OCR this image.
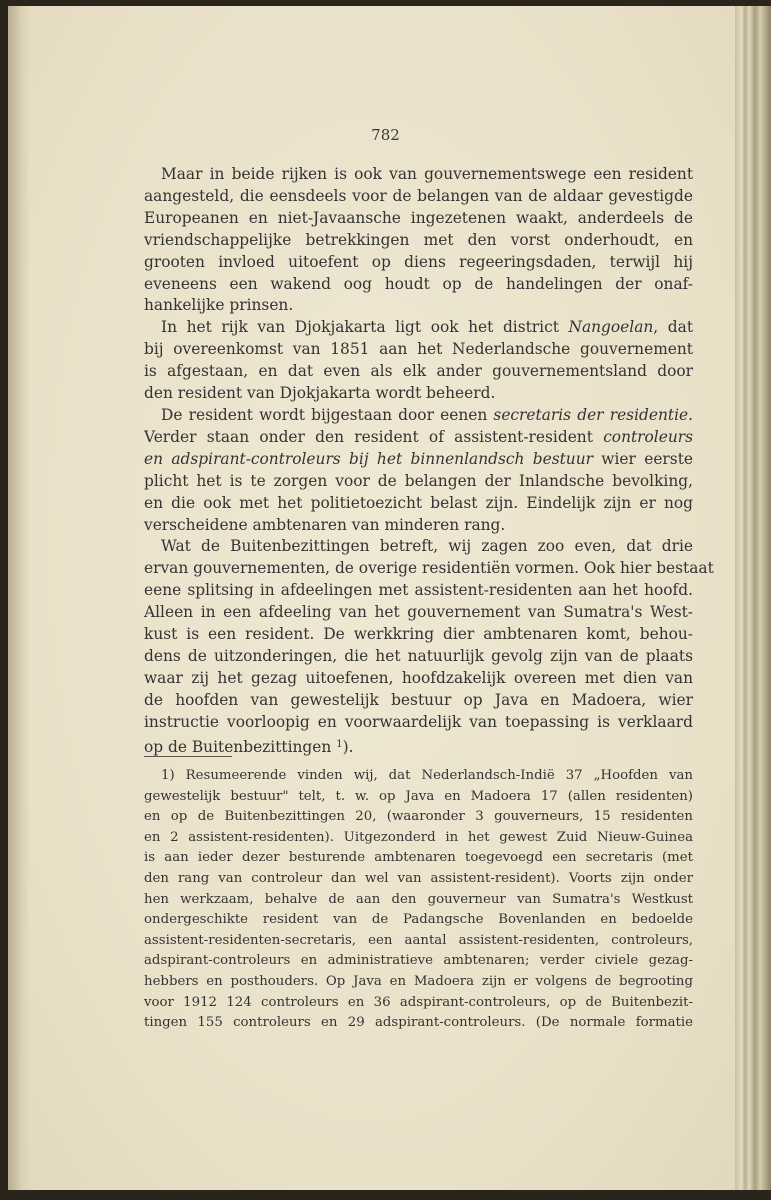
782
Maar in beide rijken is ook van gouvernementswege een resident
aangesteld, die eensdeels voor de belangen van de aldaar gevestigde
Europeanen en niet-Javaansche ingezetenen waakt, anderdeels de
vriendschappelijke betrekkingen met den vorst onderhoudt, en
grooten invloed uitoefent op diens regeeringsdaden, terwijl hij
eveneens een wakend oog houdt op de handelingen der onaf-
hankelijke prinsen.
In het rijk van Djokjakarta ligt ook het district Nangoelan, dat
bij overeenkomst van 1851 aan het Nederlandsche gouvernement
is afgestaan, en dat even als elk ander gouvernementsland door
den resident van Djokjakarta wordt beheerd.
De resident wordt bijgestaan door eenen secretaris der residentie.
Verder staan onder den resident of assistent-resident controleurs
en adspirant-controleurs bij het binnenlandsch bestuur wier eerste
plicht het is te zorgen voor de belangen der Inlandsche bevolking,
en die ook met het politietoezicht belast zijn. Eindelijk zijn er nog
verscheidene ambtenaren van minderen rang.
Wat de Buitenbezittingen betreft, wij zagen zoo even, dat drie
ervan gouvernementen, de overige residentiën vormen. Ook hier bestaat
eene splitsing in afdeelingen met assistent-residenten aan het hoofd.
Alleen in een afdeeling van het gouvernement van Sumatra's West-
kust is een resident. De werkkring dier ambtenaren komt, behou-
dens de uitzonderingen, die het natuurlijk gevolg zijn van de plaats
waar zij het gezag uitoefenen, hoofdzakelijk overeen met dien van
de hoofden van gewestelijk bestuur op Java en Madoera, wier
instructie voorloopig en voorwaardelijk van toepassing is verklaard
op de Buitenbezittingen $^1$).
1) Resumeerende vinden wij, dat Nederlandsch-Indië 37 „Hoofden van
gewestelijk bestuur" telt, t. w. op Java en Madoera 17 (allen residenten)
en op de Buitenbezittingen 20, (waaronder 3 gouverneurs, 15 residenten
en 2 assistent-residenten). Uitgezonderd in het gewest Zuid Nieuw-Guinea
is aan ieder dezer besturende ambtenaren toegevoegd een secretaris (met
den rang van controleur dan wel van assistent-resident). Voorts zijn onder
hen werkzaam, behalve de aan den gouverneur van Sumatra's Westkust
ondergeschikte resident van de Padangsche Bovenlanden en bedoelde
assistent-residenten-secretaris, een aantal assistent-residenten, controleurs,
adspirant-controleurs en administratieve ambtenaren; verder civiele gezag-
hebbers en posthouders. Op Java en Madoera zijn er volgens de begrooting
voor 1912 124 controleurs en 36 adspirant-controleurs, op de Buitenbezit-
tingen 155 controleurs en 29 adspirant-controleurs. (De normale formatie
